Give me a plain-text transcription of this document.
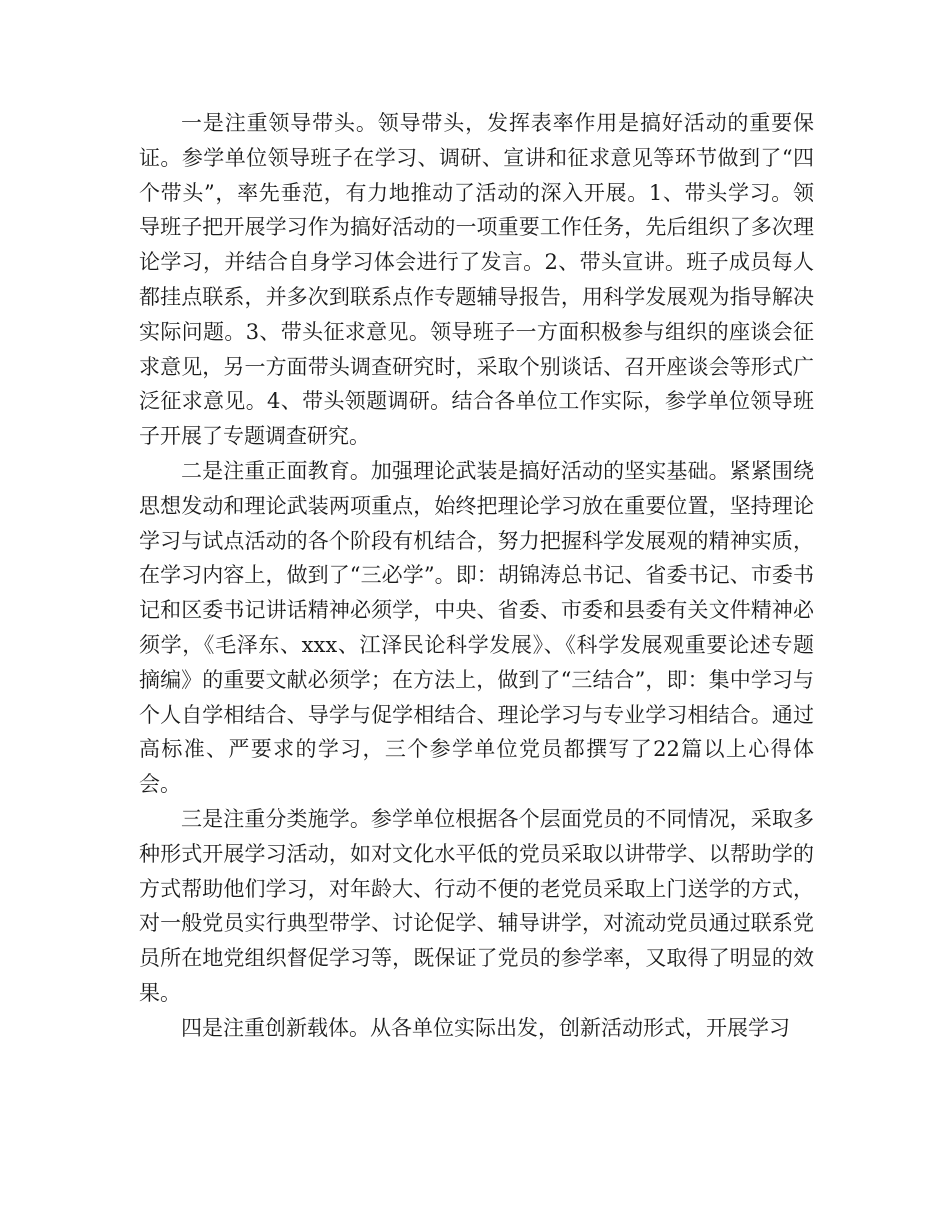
一是注重领导带头。领导带头，发挥表率作用是搞好活动的重要保证。参学单位领导班子在学习、调研、宣讲和征求意见等环节做到了“四个带头”，率先垂范，有力地推动了活动的深入开展。1、带头学习。领导班子把开展学习作为搞好活动的一项重要工作任务，先后组织了多次理论学习，并结合自身学习体会进行了发言。2、带头宣讲。班子成员每人都挂点联系，并多次到联系点作专题辅导报告，用科学发展观为指导解决实际问题。3、带头征求意见。领导班子一方面积极参与组织的座谈会征求意见，另一方面带头调查研究时，采取个别谈话、召开座谈会等形式广泛征求意见。4、带头领题调研。结合各单位工作实际，参学单位领导班子开展了专题调查研究。

二是注重正面教育。加强理论武装是搞好活动的坚实基础。紧紧围绕思想发动和理论武装两项重点，始终把理论学习放在重要位置，坚持理论学习与试点活动的各个阶段有机结合，努力把握科学发展观的精神实质，在学习内容上，做到了“三必学”。即：胡锦涛总书记、省委书记、市委书记和区委书记讲话精神必须学，中央、省委、市委和县委有关文件精神必须学，《毛泽东、xxx、江泽民论科学发展》、《科学发展观重要论述专题摘编》的重要文献必须学；在方法上，做到了“三结合”，即：集中学习与个人自学相结合、导学与促学相结合、理论学习与专业学习相结合。通过高标准、严要求的学习，三个参学单位党员都撰写了22篇以上心得体会。

三是注重分类施学。参学单位根据各个层面党员的不同情况，采取多种形式开展学习活动，如对文化水平低的党员采取以讲带学、以帮助学的方式帮助他们学习，对年龄大、行动不便的老党员采取上门送学的方式，对一般党员实行典型带学、讨论促学、辅导讲学，对流动党员通过联系党员所在地党组织督促学习等，既保证了党员的参学率，又取得了明显的效果。

四是注重创新载体。从各单位实际出发，创新活动形式，开展学习
